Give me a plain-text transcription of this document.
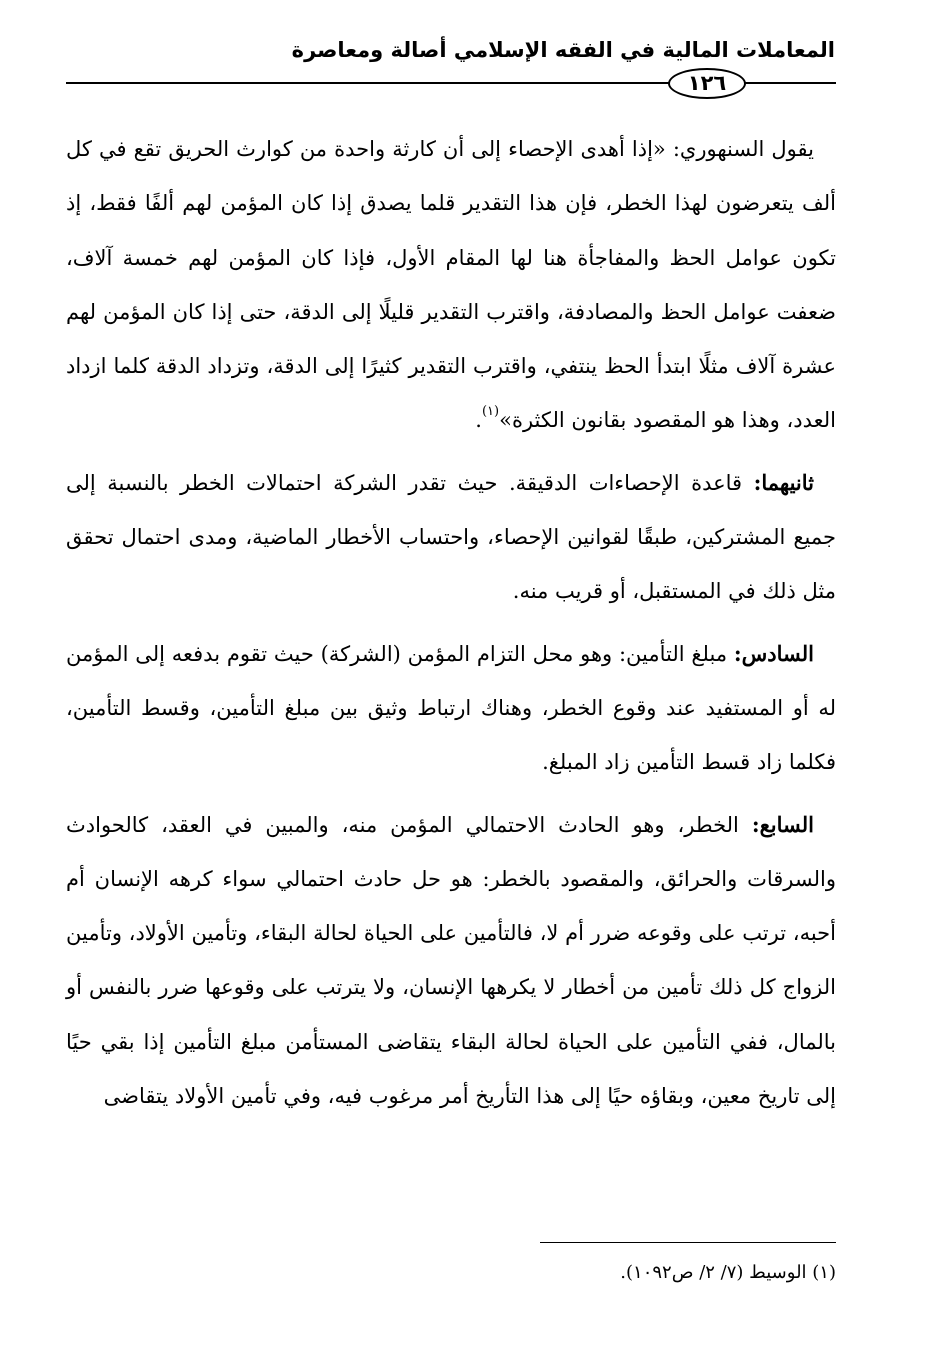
المعاملات المالية في الفقه الإسلامي أصالة ومعاصرة
١٢٦

يقول السنهوري: «إذا أهدى الإحصاء إلى أن كارثة واحدة من كوارث الحريق تقع في كل ألف يتعرضون لهذا الخطر، فإن هذا التقدير قلما يصدق إذا كان المؤمن لهم ألفًا فقط، إذ تكون عوامل الحظ والمفاجأة هنا لها المقام الأول، فإذا كان المؤمن لهم خمسة آلاف، ضعفت عوامل الحظ والمصادفة، واقترب التقدير قليلًا إلى الدقة، حتى إذا كان المؤمن لهم عشرة آلاف مثلًا ابتدأ الحظ ينتفي، واقترب التقدير كثيرًا إلى الدقة، وتزداد الدقة كلما ازداد العدد، وهذا هو المقصود بقانون الكثرة»$^{(١)}$.

ثانيهما: قاعدة الإحصاءات الدقيقة. حيث تقدر الشركة احتمالات الخطر بالنسبة إلى جميع المشتركين، طبقًا لقوانين الإحصاء، واحتساب الأخطار الماضية، ومدى احتمال تحقق مثل ذلك في المستقبل، أو قريب منه.

السادس: مبلغ التأمين: وهو محل التزام المؤمن (الشركة) حيث تقوم بدفعه إلى المؤمن له أو المستفيد عند وقوع الخطر، وهناك ارتباط وثيق بين مبلغ التأمين، وقسط التأمين، فكلما زاد قسط التأمين زاد المبلغ.

السابع: الخطر، وهو الحادث الاحتمالي المؤمن منه، والمبين في العقد، كالحوادث والسرقات والحرائق، والمقصود بالخطر: هو حل حادث احتمالي سواء كرهه الإنسان أم أحبه، ترتب على وقوعه ضرر أم لا، فالتأمين على الحياة لحالة البقاء، وتأمين الأولاد، وتأمين الزواج كل ذلك تأمين من أخطار لا يكرهها الإنسان، ولا يترتب على وقوعها ضرر بالنفس أو بالمال، ففي التأمين على الحياة لحالة البقاء يتقاضى المستأمن مبلغ التأمين إذا بقي حيًا إلى تاريخ معين، وبقاؤه حيًا إلى هذا التأريخ أمر مرغوب فيه، وفي تأمين الأولاد يتقاضى

(١) الوسيط (٧/ ٢/ ص١٠٩٢).
